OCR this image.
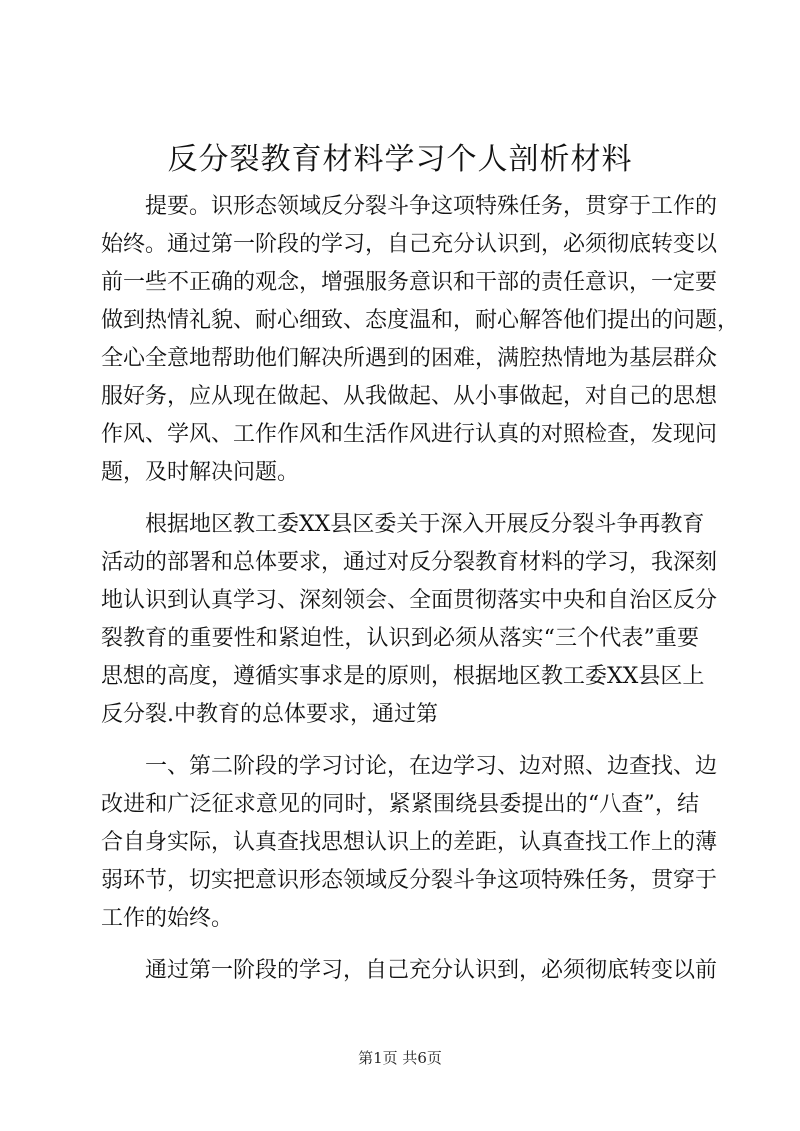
反分裂教育材料学习个人剖析材料

提要。识形态领域反分裂斗争这项特殊任务，贯穿于工作的
始终。通过第一阶段的学习，自己充分认识到，必须彻底转变以
前一些不正确的观念，增强服务意识和干部的责任意识，一定要
做到热情礼貌、耐心细致、态度温和，耐心解答他们提出的问题，
全心全意地帮助他们解决所遇到的困难，满腔热情地为基层群众
服好务，应从现在做起、从我做起、从小事做起，对自己的思想
作风、学风、工作作风和生活作风进行认真的对照检查，发现问
题，及时解决问题。

根据地区教工委XX县区委关于深入开展反分裂斗争再教育
活动的部署和总体要求，通过对反分裂教育材料的学习，我深刻
地认识到认真学习、深刻领会、全面贯彻落实中央和自治区反分
裂教育的重要性和紧迫性，认识到必须从落实“三个代表”重要
思想的高度，遵循实事求是的原则，根据地区教工委XX县区上
反分裂.中教育的总体要求，通过第

一、第二阶段的学习讨论，在边学习、边对照、边查找、边
改进和广泛征求意见的同时，紧紧围绕县委提出的“八查”，结
合自身实际，认真查找思想认识上的差距，认真查找工作上的薄
弱环节，切实把意识形态领域反分裂斗争这项特殊任务，贯穿于
工作的始终。

通过第一阶段的学习，自己充分认识到，必须彻底转变以前

第1页 共6页
